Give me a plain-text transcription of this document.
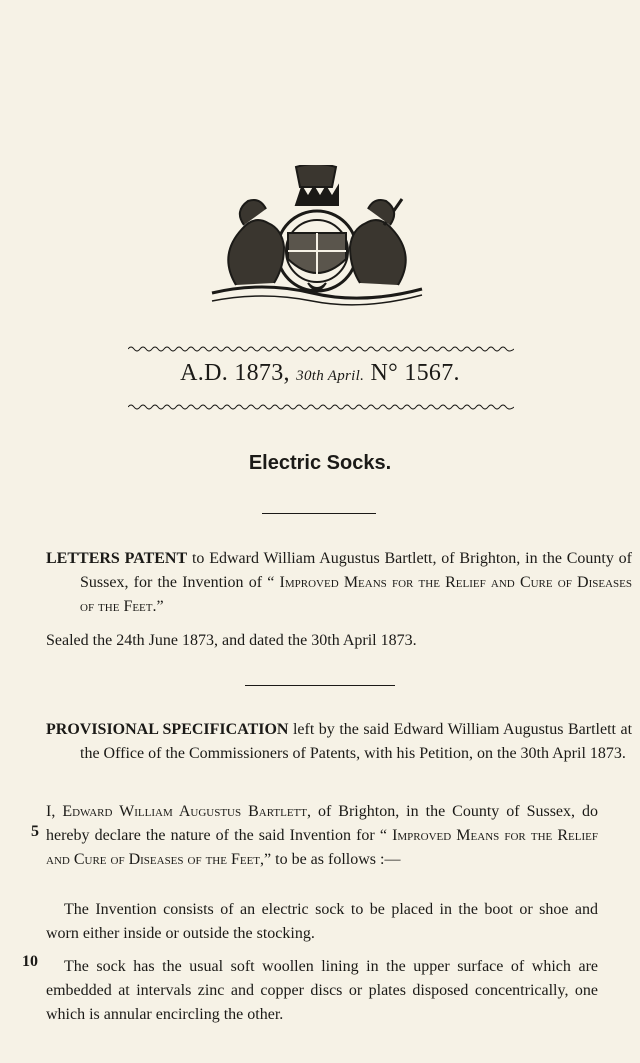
A.D. 1873, 30th April. N° 1567.
Electric Socks.
LETTERS PATENT to Edward William Augustus Bartlett, of Brighton, in the County of Sussex, for the Invention of “ Improved Means for the Relief and Cure of Diseases of the Feet.”
Sealed the 24th June 1873, and dated the 30th April 1873.
PROVISIONAL SPECIFICATION left by the said Edward William Augustus Bartlett at the Office of the Commissioners of Patents, with his Petition, on the 30th April 1873.
I, Edward William Augustus Bartlett, of Brighton, in the County of Sussex, do hereby declare the nature of the said Invention for “ Improved Means for the Relief and Cure of Diseases of the Feet,” to be as follows :—
The Invention consists of an electric sock to be placed in the boot or shoe and worn either inside or outside the stocking.
The sock has the usual soft woollen lining in the upper surface of which are embedded at intervals zinc and copper discs or plates disposed concentrically, one which is annular encircling the other.
5
10
